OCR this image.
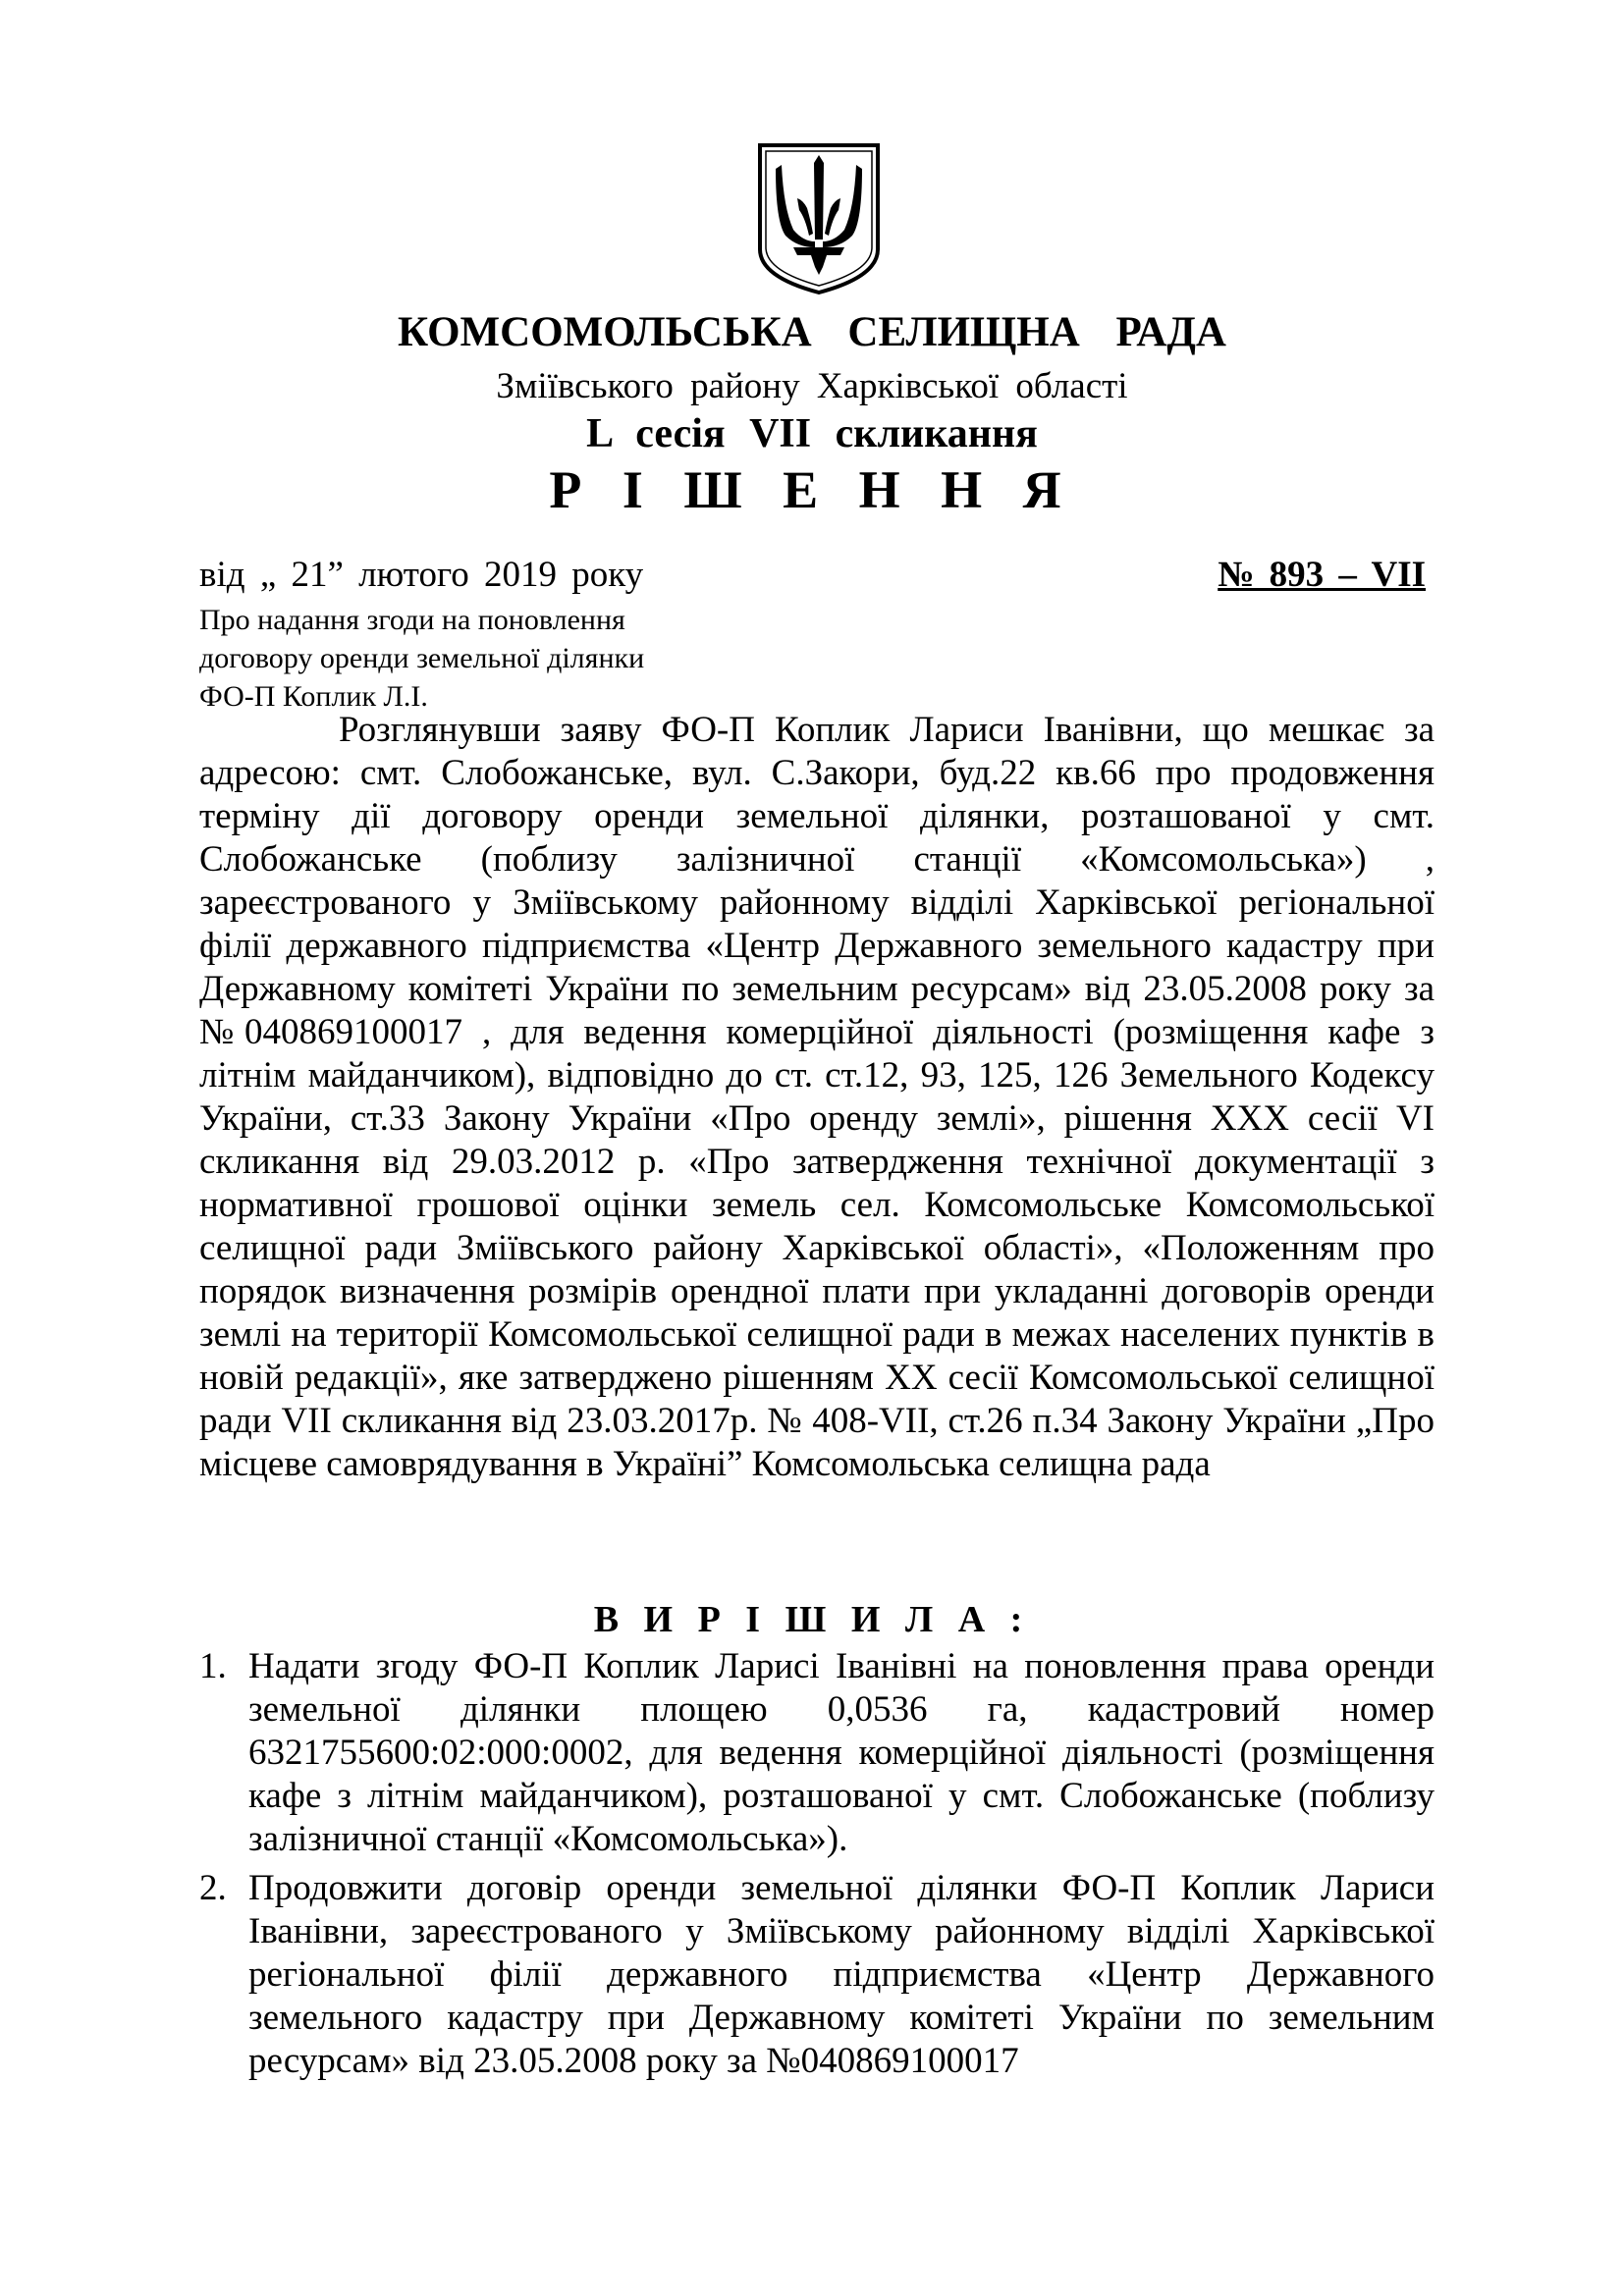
КОМСОМОЛЬСЬКА СЕЛИЩНА РАДА
Зміївського району Харківської області
L сесія VII скликання
Р І Ш Е Н Н Я
від „ 21” лютого 2019 року	№ 893 – VII
Про надання згоди на поновлення
договору оренди земельної ділянки
ФО-П Коплик Л.І.

Розглянувши заяву ФО-П Коплик Лариси Іванівни, що мешкає за адресою: смт. Слобожанське, вул. С.Закори, буд.22 кв.66 про продовження терміну дії договору оренди земельної ділянки, розташованої у смт. Слобожанське (поблизу залізничної станції «Комсомольська») , зареєстрованого у Зміївському районному відділі Харківської регіональної філії державного підприємства «Центр Державного земельного кадастру при Державному комітеті України по земельним ресурсам» від 23.05.2008 року за №040869100017 , для ведення комерційної діяльності (розміщення кафе з літнім майданчиком), відповідно до ст. ст.12, 93, 125, 126 Земельного Кодексу України, ст.33 Закону України «Про оренду землі», рішення XXX сесії VI скликання від 29.03.2012 р. «Про затвердження технічної документації з нормативної грошової оцінки земель сел. Комсомольське Комсомольської селищної ради Зміївського району Харківської області», «Положенням про порядок визначення розмірів орендної плати при укладанні договорів оренди землі на території Комсомольської селищної ради в межах населених пунктів в новій редакції», яке затверджено рішенням XX сесії Комсомольської селищної ради VII скликання від 23.03.2017р. № 408-VII, ст.26 п.34 Закону України „Про місцеве самоврядування в Україні” Комсомольська селищна рада

В И Р І Ш И Л А :
1. Надати згоду ФО-П Коплик Ларисі Іванівні на поновлення права оренди земельної ділянки площею 0,0536 га, кадастровий номер 6321755600:02:000:0002, для ведення комерційної діяльності (розміщення кафе з літнім майданчиком), розташованої у смт. Слобожанське (поблизу залізничної станції «Комсомольська»).
2. Продовжити договір оренди земельної ділянки ФО-П Коплик Лариси Іванівни, зареєстрованого у Зміївському районному відділі Харківської регіональної філії державного підприємства «Центр Державного земельного кадастру при Державному комітеті України по земельним ресурсам» від 23.05.2008 року за №040869100017
